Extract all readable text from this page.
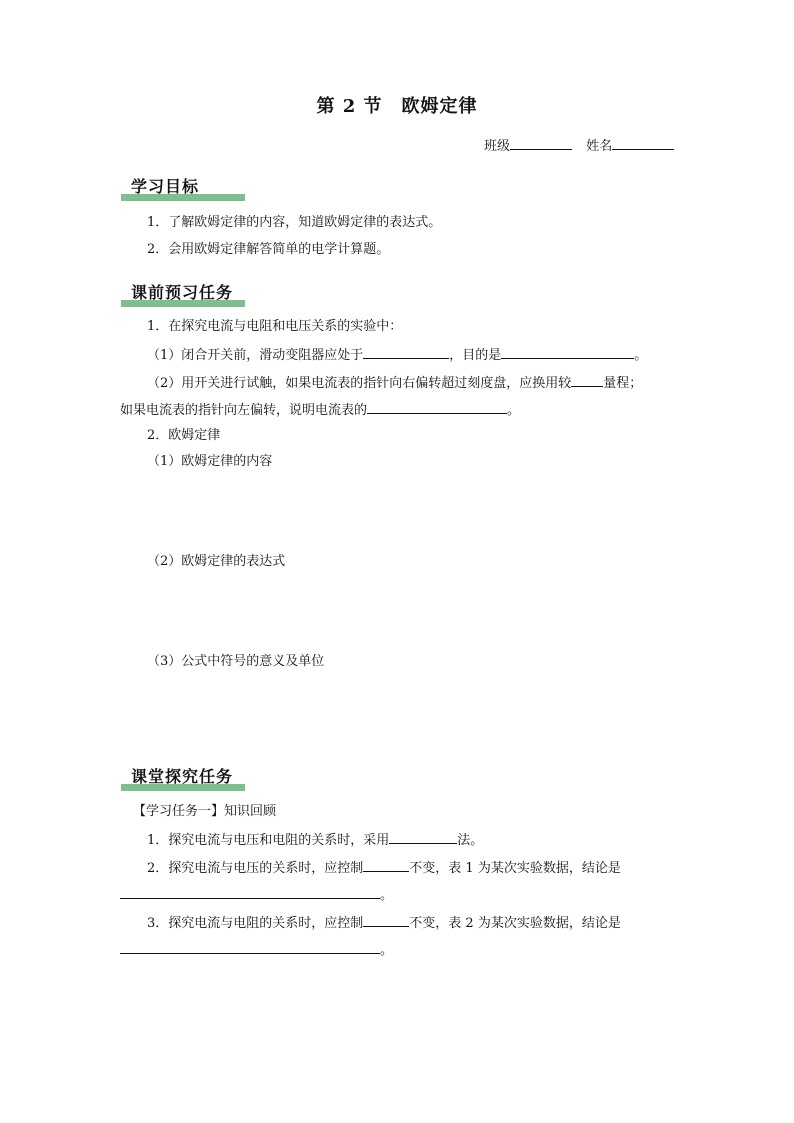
第 2 节　欧姆定律
班级	姓名
学习目标
1．了解欧姆定律的内容，知道欧姆定律的表达式。
2．会用欧姆定律解答简单的电学计算题。
课前预习任务
1．在探究电流与电阻和电压关系的实验中：
（1）闭合开关前，滑动变阻器应处于	，目的是	。
（2）用开关进行试触，如果电流表的指针向右偏转超过刻度盘，应换用较 量程；
如果电流表的指针向左偏转，说明电流表的	。
2．欧姆定律
（1）欧姆定律的内容
（2）欧姆定律的表达式
（3）公式中符号的意义及单位
课堂探究任务
【学习任务一】知识回顾
1．探究电流与电压和电阻的关系时，采用	法。
2．探究电流与电压的关系时，应控制	不变，表 1 为某次实验数据，结论是
。
3．探究电流与电阻的关系时，应控制	不变，表 2 为某次实验数据，结论是
。
